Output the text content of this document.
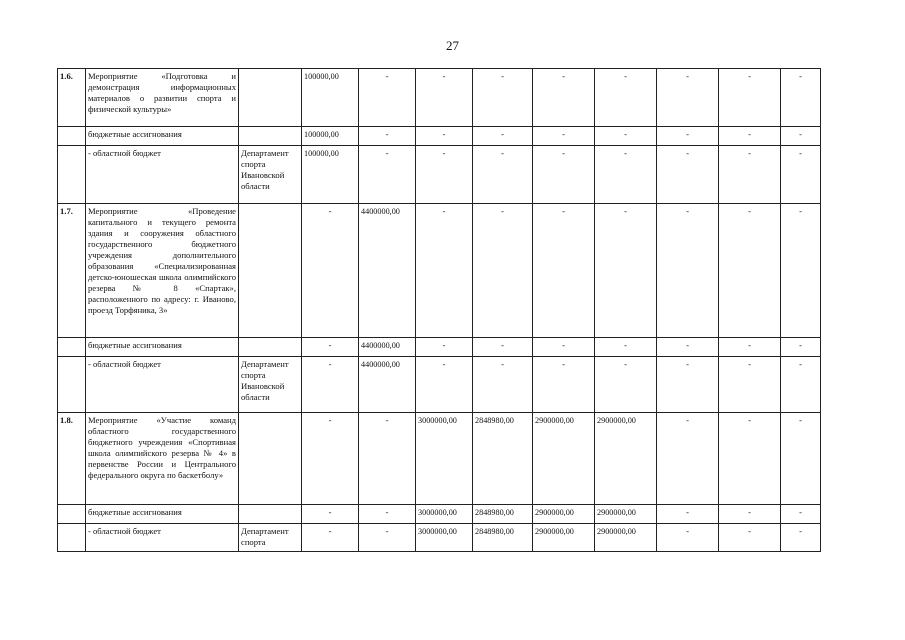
27
1.6.	Мероприятие «Подготовка и демонстрация информационных материалов о развитии спорта и физической культуры»		100000,00	-	-	-	-	-	-	-	-
	бюджетные ассигнования		100000,00	-	-	-	-	-	-	-	-
	- областной бюджет	Департамент спорта Ивановской области	100000,00	-	-	-	-	-	-	-	-
1.7.	Мероприятие «Проведение капитального и текущего ремонта здания и сооружения областного государственного бюджетного учреждения дополнительного образования «Специализированная детско-юношеская школа олимпийского резерва № 8 «Спартак», расположенного по адресу: г. Иваново, проезд Торфяника, 3»		-	4400000,00	-	-	-	-	-	-	-
	бюджетные ассигнования		-	4400000,00	-	-	-	-	-	-	-
	- областной бюджет	Департамент спорта Ивановской области	-	4400000,00	-	-	-	-	-	-	-
1.8.	Мероприятие «Участие команд областного государственного бюджетного учреждения «Спортивная школа олимпийского резерва № 4» в первенстве России и Центрального федерального округа по баскетболу»		-	-	3000000,00	2848980,00	2900000,00	2900000,00	-	-	-
	бюджетные ассигнования		-	-	3000000,00	2848980,00	2900000,00	2900000,00	-	-	-
	- областной бюджет	Департамент спорта	-	-	3000000,00	2848980,00	2900000,00	2900000,00	-	-	-
